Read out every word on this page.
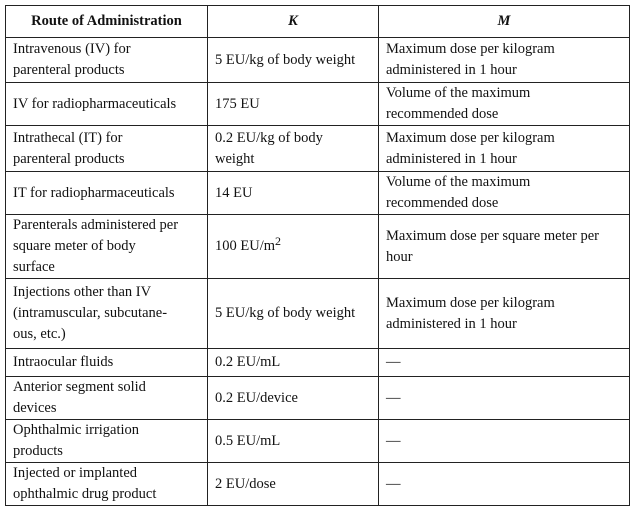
Route of Administration	K	M

Intravenous (IV) for
parenteral products	5 EU/kg of body weight	Maximum dose per kilogram
administered in 1 hour

IV for radiopharmaceuticals	175 EU	Volume of the maximum
recommended dose

Intrathecal (IT) for
parenteral products	0.2 EU/kg of body
weight	Maximum dose per kilogram
administered in 1 hour

IT for radiopharmaceuticals	14 EU	Volume of the maximum
recommended dose

Parenterals administered per
square meter of body
surface	100 $EU/m^2$	Maximum dose per square meter per
hour

Injections other than IV
(intramuscular, subcutane-
ous, etc.)	5 EU/kg of body weight	Maximum dose per kilogram
administered in 1 hour

Intraocular fluids	0.2 EU/mL	—

Anterior segment solid
devices	0.2 EU/device	—

Ophthalmic irrigation
products	0.5 EU/mL	—

Injected or implanted
ophthalmic drug product	2 EU/dose	—
